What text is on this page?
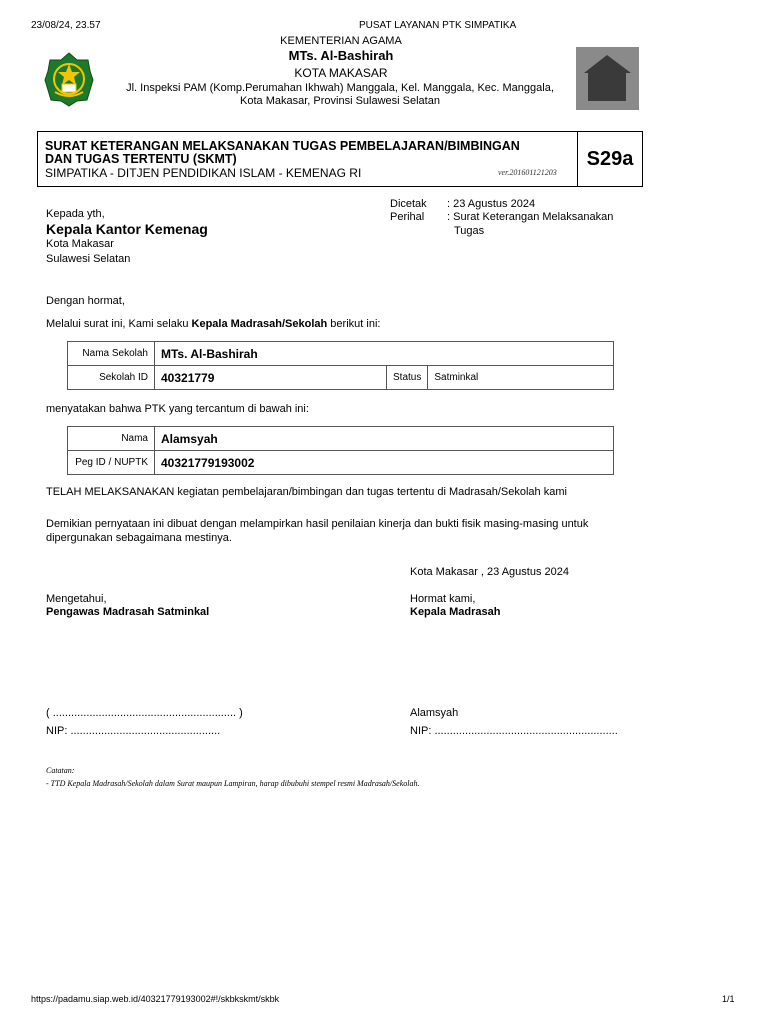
23/08/24, 23.57	PUSAT LAYANAN PTK SIMPATIKA
KEMENTERIAN AGAMA
MTs. Al-Bashirah
KOTA MAKASAR
Jl. Inspeksi PAM (Komp.Perumahan Ikhwah) Manggala, Kel. Manggala, Kec. Manggala,
Kota Makasar, Provinsi Sulawesi Selatan
SURAT KETERANGAN MELAKSANAKAN TUGAS PEMBELAJARAN/BIMBINGAN
DAN TUGAS TERTENTU (SKMT)
SIMPATIKA - DITJEN PENDIDIKAN ISLAM - KEMENAG RI	ver.201601121203
S29a
Kepada yth,
Kepala Kantor Kemenag
Kota Makasar
Sulawesi Selatan
Dicetak : 23 Agustus 2024
Perihal : Surat Keterangan Melaksanakan
Tugas
Dengan hormat,
Melalui surat ini, Kami selaku Kepala Madrasah/Sekolah berikut ini:
Nama Sekolah	MTs. Al-Bashirah		
Sekolah ID	40321779	Status	Satminkal
menyatakan bahwa PTK yang tercantum di bawah ini:
Nama	Alamsyah
Peg ID / NUPTK	40321779193002
TELAH MELAKSANAKAN kegiatan pembelajaran/bimbingan dan tugas tertentu di Madrasah/Sekolah kami
Demikian pernyataan ini dibuat dengan melampirkan hasil penilaian kinerja dan bukti fisik masing-masing untuk
dipergunakan sebagaimana mestinya.
Kota Makasar , 23 Agustus 2024
Mengetahui,
Pengawas Madrasah Satminkal
Hormat kami,
Kepala Madrasah
( ............................................................ )
NIP: .................................................
Alamsyah
NIP: ............................................................
Catatan:
- TTD Kepala Madrasah/Sekolah dalam Surat maupun Lampiran, harap dibubuhi stempel resmi Madrasah/Sekolah.
https://padamu.siap.web.id/40321779193002#!/skbkskmt/skbk	1/1
